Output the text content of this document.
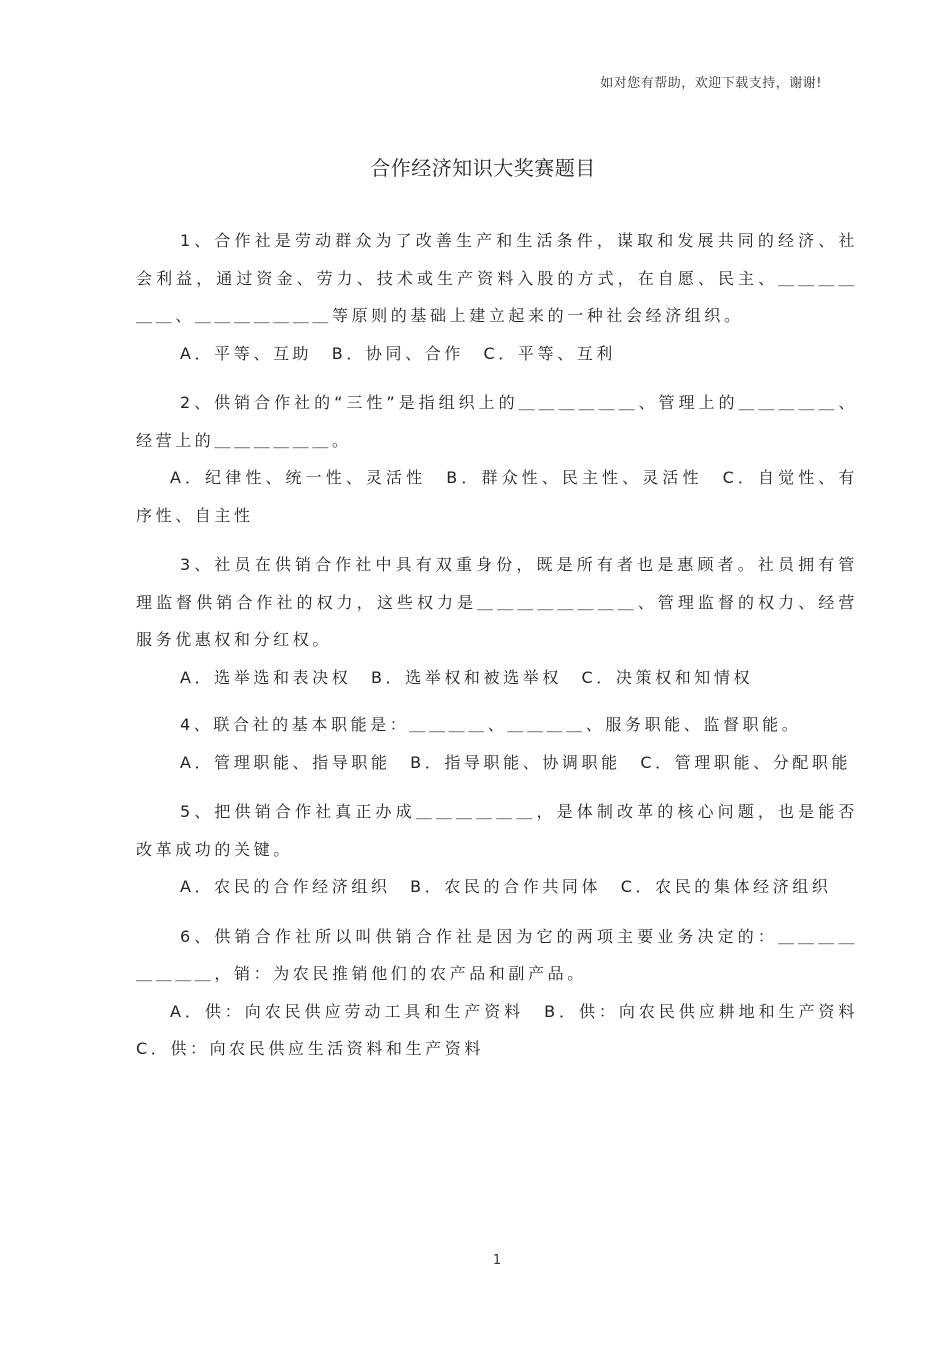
如对您有帮助，欢迎下载支持，谢谢!
合作经济知识大奖赛题目

1、合作社是劳动群众为了改善生产和生活条件，谋取和发展共同的经济、社会利益，通过资金、劳力、技术或生产资料入股的方式，在自愿、民主、＿＿＿＿＿＿、＿＿＿＿＿＿＿等原则的基础上建立起来的一种社会经济组织。

A．平等、互助　B．协同、合作　C．平等、互利

2、供销合作社的“三性”是指组织上的＿＿＿＿＿＿、管理上的＿＿＿＿＿、经营上的＿＿＿＿＿＿。

A．纪律性、统一性、灵活性　B．群众性、民主性、灵活性　C．自觉性、有序性、自主性

3、社员在供销合作社中具有双重身份，既是所有者也是惠顾者。社员拥有管理监督供销合作社的权力，这些权力是＿＿＿＿＿＿＿＿、管理监督的权力、经营服务优惠权和分红权。

A．选举选和表决权　B．选举权和被选举权　C．决策权和知情权

4、联合社的基本职能是：＿＿＿＿、＿＿＿＿、服务职能、监督职能。

A．管理职能、指导职能　B．指导职能、协调职能　C．管理职能、分配职能

5、把供销合作社真正办成＿＿＿＿＿＿，是体制改革的核心问题，也是能否改革成功的关键。

A．农民的合作经济组织　B．农民的合作共同体　C．农民的集体经济组织

6、供销合作社所以叫供销合作社是因为它的两项主要业务决定的：＿＿＿＿＿＿＿＿，销：为农民推销他们的农产品和副产品。

A．供：向农民供应劳动工具和生产资料　B．供：向农民供应耕地和生产资料　C．供：向农民供应生活资料和生产资料

1
